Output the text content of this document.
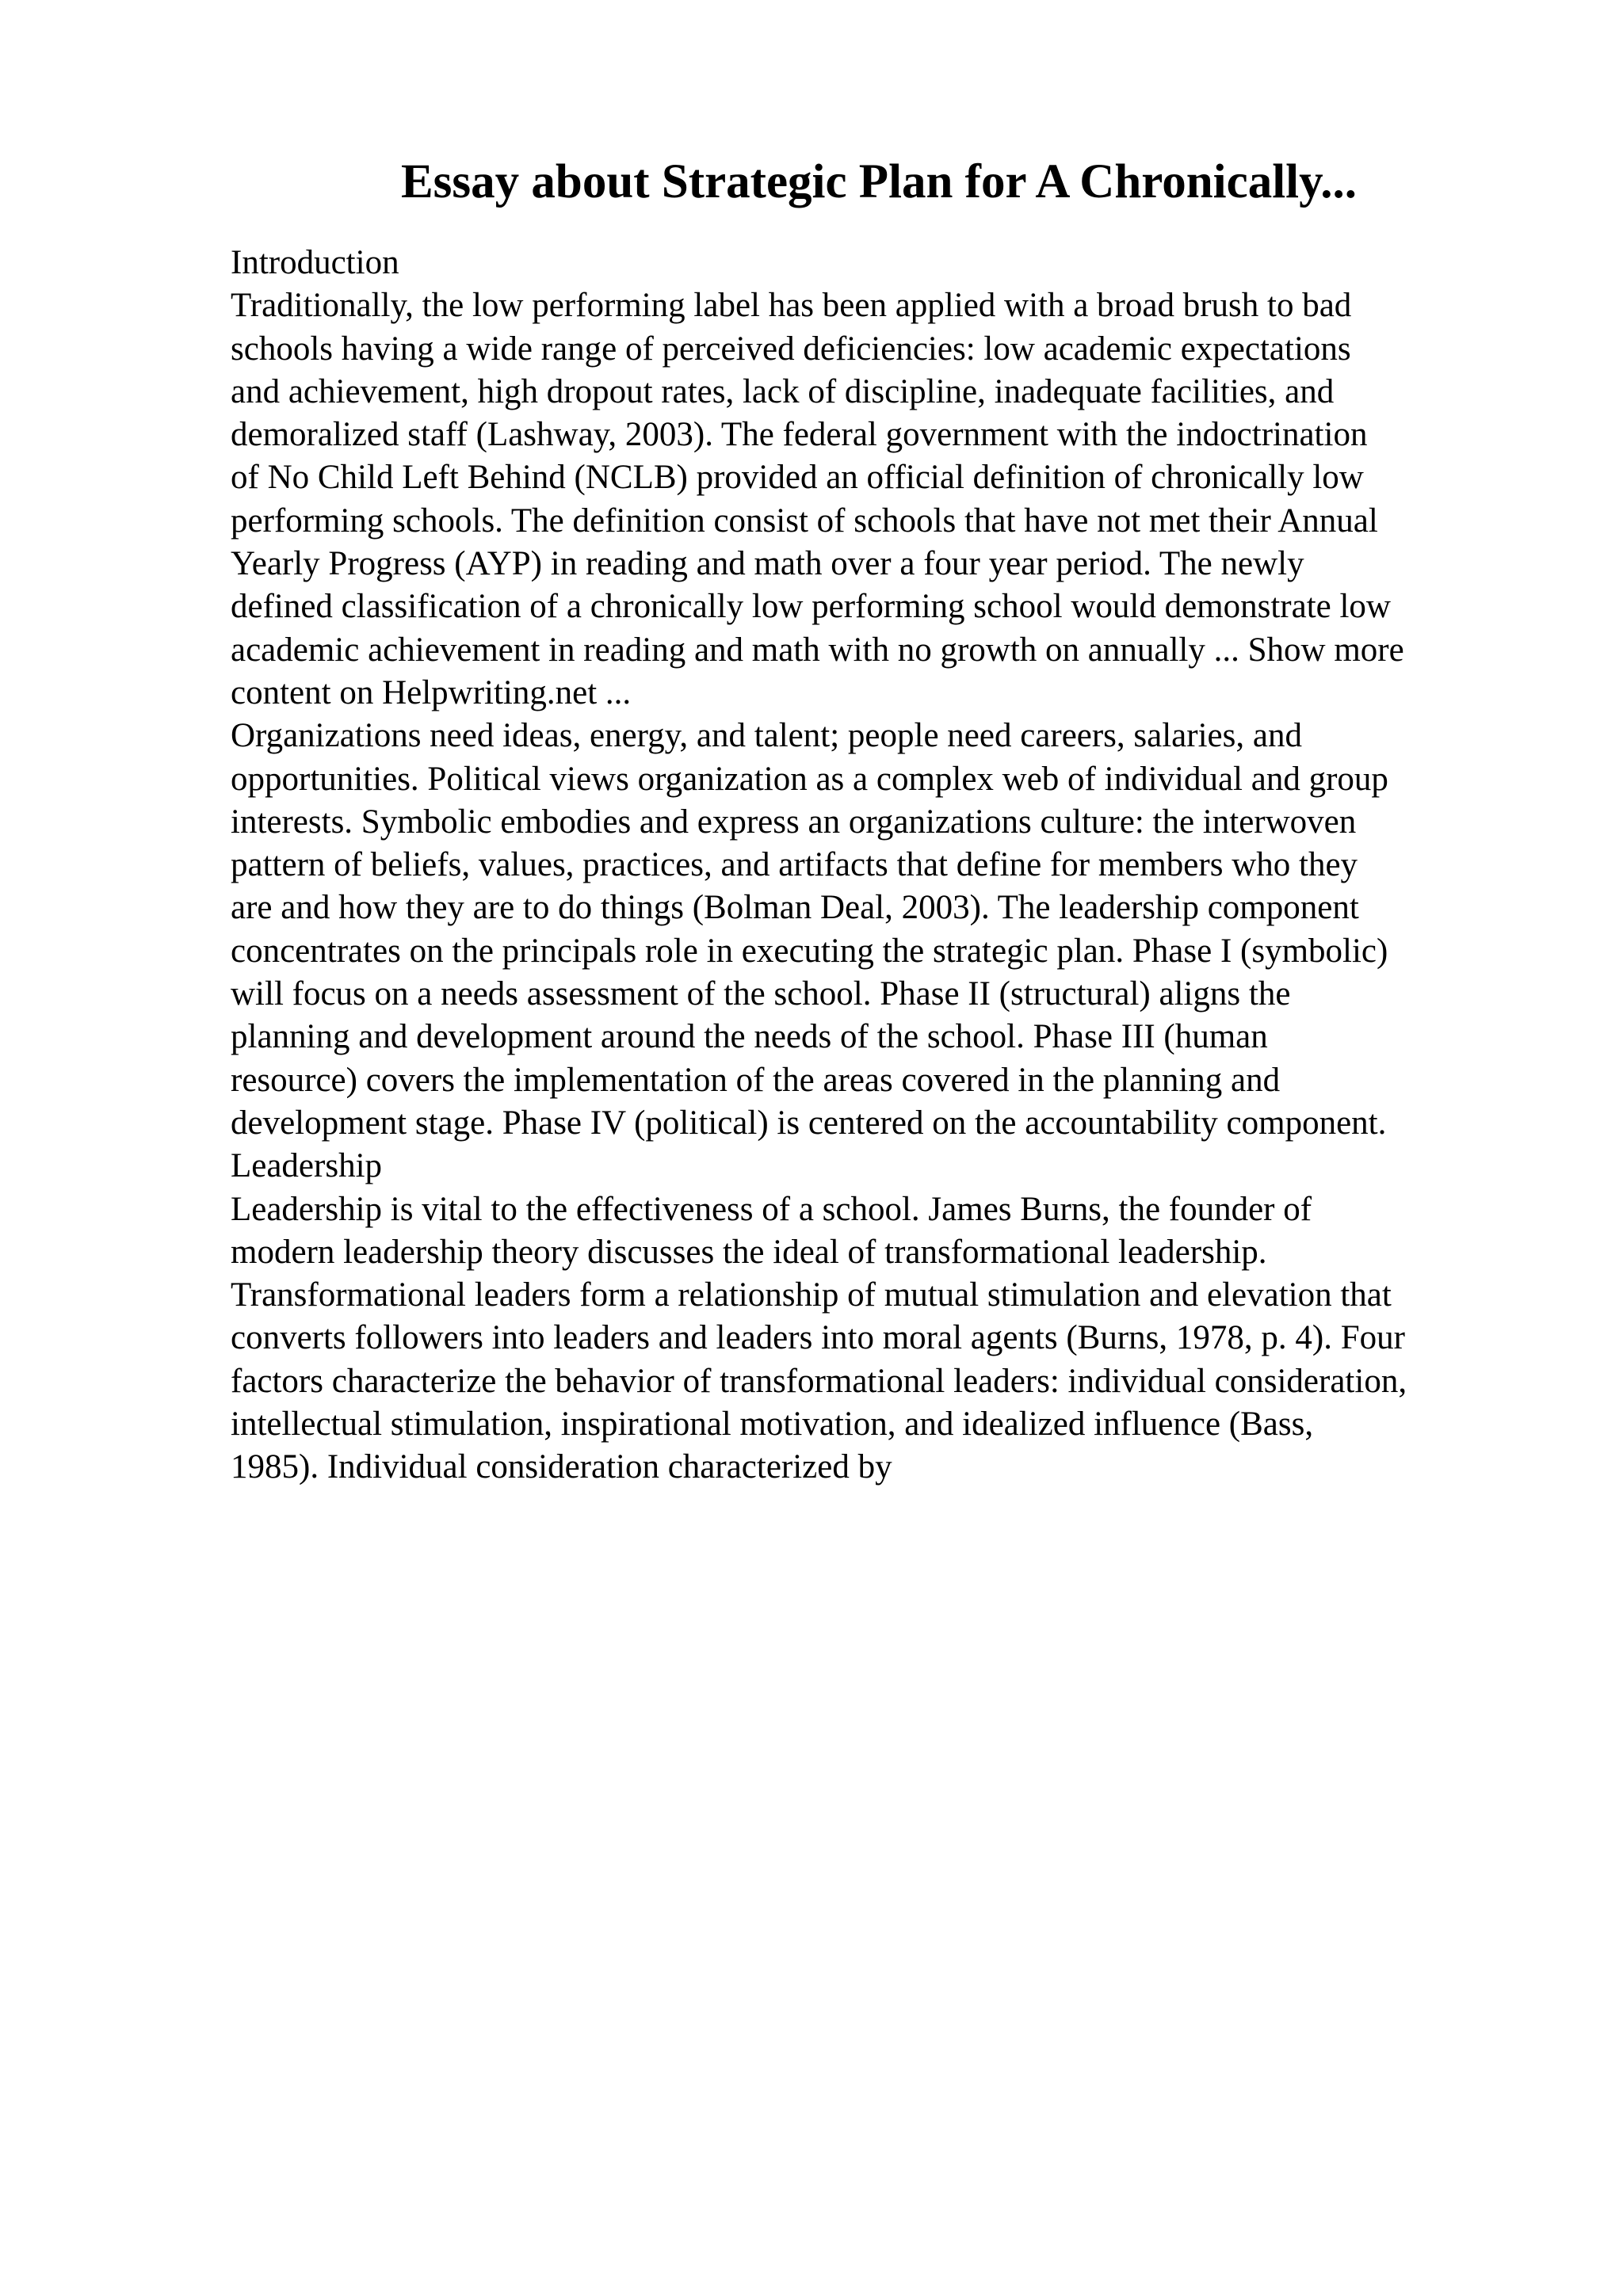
Essay about Strategic Plan for A Chronically...
Introduction
Traditionally, the low performing label has been applied with a broad brush to bad
schools having a wide range of perceived deficiencies: low academic expectations
and achievement, high dropout rates, lack of discipline, inadequate facilities, and
demoralized staff (Lashway, 2003). The federal government with the indoctrination
of No Child Left Behind (NCLB) provided an official definition of chronically low
performing schools. The definition consist of schools that have not met their Annual
Yearly Progress (AYP) in reading and math over a four year period. The newly
defined classification of a chronically low performing school would demonstrate low
academic achievement in reading and math with no growth on annually ... Show more
content on Helpwriting.net ...
Organizations need ideas, energy, and talent; people need careers, salaries, and
opportunities. Political views organization as a complex web of individual and group
interests. Symbolic embodies and express an organizations culture: the interwoven
pattern of beliefs, values, practices, and artifacts that define for members who they
are and how they are to do things (Bolman Deal, 2003). The leadership component
concentrates on the principals role in executing the strategic plan. Phase I (symbolic)
will focus on a needs assessment of the school. Phase II (structural) aligns the
planning and development around the needs of the school. Phase III (human
resource) covers the implementation of the areas covered in the planning and
development stage. Phase IV (political) is centered on the accountability component.
Leadership
Leadership is vital to the effectiveness of a school. James Burns, the founder of
modern leadership theory discusses the ideal of transformational leadership.
Transformational leaders form a relationship of mutual stimulation and elevation that
converts followers into leaders and leaders into moral agents (Burns, 1978, p. 4). Four
factors characterize the behavior of transformational leaders: individual consideration,
intellectual stimulation, inspirational motivation, and idealized influence (Bass,
1985). Individual consideration characterized by
